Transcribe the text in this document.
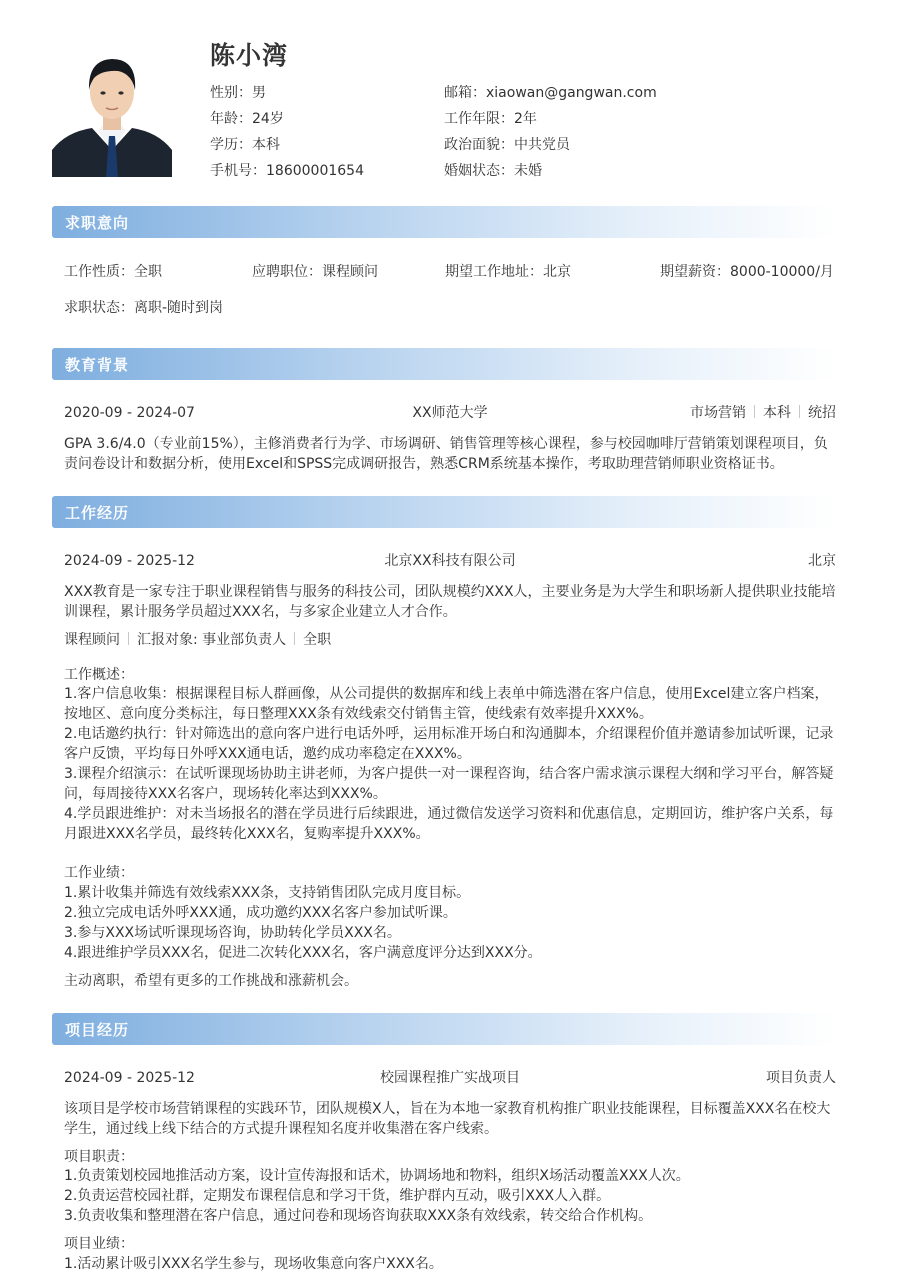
陈小湾
性别：男
年龄：24岁
学历：本科
手机号：18600001654
邮箱：xiaowan@gangwan.com
工作年限：2年
政治面貌：中共党员
婚姻状态：未婚
求职意向
工作性质：全职	应聘职位：课程顾问	期望工作地址：北京	期望薪资：8000-10000/月
求职状态：离职-随时到岗
教育背景
2020-09 - 2024-07	XX师范大学	市场营销 本科 统招
GPA 3.6/4.0（专业前15%），主修消费者行为学、市场调研、销售管理等核心课程，参与校园咖啡厅营销策划课程项目，负
责问卷设计和数据分析，使用Excel和SPSS完成调研报告，熟悉CRM系统基本操作，考取助理营销师职业资格证书。
工作经历
2024-09 - 2025-12	北京XX科技有限公司	北京
XXX教育是一家专注于职业课程销售与服务的科技公司，团队规模约XXX人，主要业务是为大学生和职场新人提供职业技能培
训课程，累计服务学员超过XXX名，与多家企业建立人才合作。
课程顾问 汇报对象: 事业部负责人 全职
工作概述：
1.客户信息收集：根据课程目标人群画像，从公司提供的数据库和线上表单中筛选潜在客户信息，使用Excel建立客户档案，
按地区、意向度分类标注，每日整理XXX条有效线索交付销售主管，使线索有效率提升XXX%。
2.电话邀约执行：针对筛选出的意向客户进行电话外呼，运用标准开场白和沟通脚本，介绍课程价值并邀请参加试听课，记录
客户反馈，平均每日外呼XXX通电话，邀约成功率稳定在XXX%。
3.课程介绍演示：在试听课现场协助主讲老师，为客户提供一对一课程咨询，结合客户需求演示课程大纲和学习平台，解答疑
问，每周接待XXX名客户，现场转化率达到XXX%。
4.学员跟进维护：对未当场报名的潜在学员进行后续跟进，通过微信发送学习资料和优惠信息，定期回访，维护客户关系，每
月跟进XXX名学员，最终转化XXX名，复购率提升XXX%。
工作业绩：
1.累计收集并筛选有效线索XXX条，支持销售团队完成月度目标。
2.独立完成电话外呼XXX通，成功邀约XXX名客户参加试听课。
3.参与XXX场试听课现场咨询，协助转化学员XXX名。
4.跟进维护学员XXX名，促进二次转化XXX名，客户满意度评分达到XXX分。
主动离职，希望有更多的工作挑战和涨薪机会。
项目经历
2024-09 - 2025-12	校园课程推广实战项目	项目负责人
该项目是学校市场营销课程的实践环节，团队规模X人，旨在为本地一家教育机构推广职业技能课程，目标覆盖XXX名在校大
学生，通过线上线下结合的方式提升课程知名度并收集潜在客户线索。
项目职责：
1.负责策划校园地推活动方案，设计宣传海报和话术，协调场地和物料，组织X场活动覆盖XXX人次。
2.负责运营校园社群，定期发布课程信息和学习干货，维护群内互动，吸引XXX人入群。
3.负责收集和整理潜在客户信息，通过问卷和现场咨询获取XXX条有效线索，转交给合作机构。
项目业绩：
1.活动累计吸引XXX名学生参与，现场收集意向客户XXX名。
